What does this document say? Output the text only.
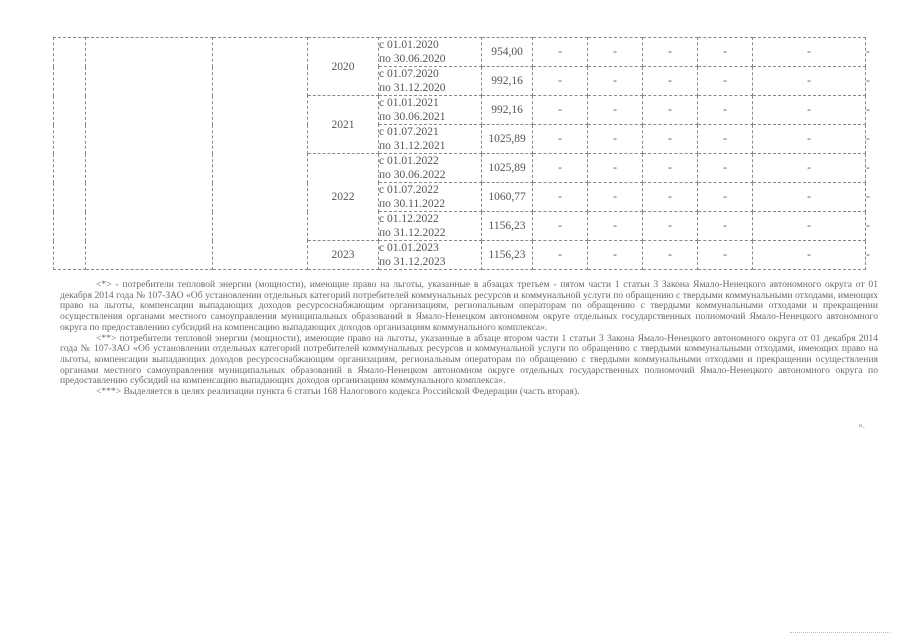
			2020	с 01.01.2020
по 30.06.2020	954,00	-	-	-	-	-	-

				с 01.07.2020
по 31.12.2020	992,16	-	-	-	-	-	-
			2021	с 01.01.2021
по 30.06.2021	992,16	-	-	-	-	-	-

				с 01.07.2021
по 31.12.2021	1025,89	-	-	-	-	-	-
			2022	с 01.01.2022
по 30.06.2022	1025,89	-	-	-	-	-	-

				с 01.07.2022
по 30.11.2022	1060,77	-	-	-	-	-	-

				с 01.12.2022
по 31.12.2022	1156,23	-	-	-	-	-	-
			2023	с 01.01.2023
по 31.12.2023	1156,23	-	-	-	-	-	-

<*> - потребители тепловой энергии (мощности), имеющие право на льготы, указанные в абзацах третьем - пятом части 1 статьи 3 Закона Ямало-Ненецкого автономного округа от 01 декабря 2014 года № 107-ЗАО «Об установлении отдельных категорий потребителей коммунальных ресурсов и коммунальной услуги по обращению с твердыми коммунальными отходами, имеющих право на льготы, компенсации выпадающих доходов ресурсоснабжающим организациям, региональным операторам по обращению с твердыми коммунальными отходами и прекращении осуществления органами местного самоуправления муниципальных образований в Ямало-Ненецком автономном округе отдельных государственных полномочий Ямало-Ненецкого автономного округа по предоставлению субсидий на компенсацию выпадающих доходов организациям коммунального комплекса».

<**> потребители тепловой энергии (мощности), имеющие право на льготы, указанные в абзаце втором части 1 статьи 3 Закона Ямало-Ненецкого автономного округа от 01 декабря 2014 года № 107-ЗАО «Об установлении отдельных категорий потребителей коммунальных ресурсов и коммунальной услуги по обращению с твердыми коммунальными отходами, имеющих право на льготы, компенсации выпадающих доходов ресурсоснабжающим организациям, региональным операторам по обращению с твердыми коммунальными отходами и прекращении осуществления органами местного самоуправления муниципальных образований в Ямало-Ненецком автономном округе отдельных государственных полномочий Ямало-Ненецкого автономного округа по предоставлению субсидий на компенсацию выпадающих доходов организациям коммунального комплекса».

<***> Выделяется в целях реализации пункта 6 статьи 168 Налогового кодекса Российской Федерации (часть вторая).

».
